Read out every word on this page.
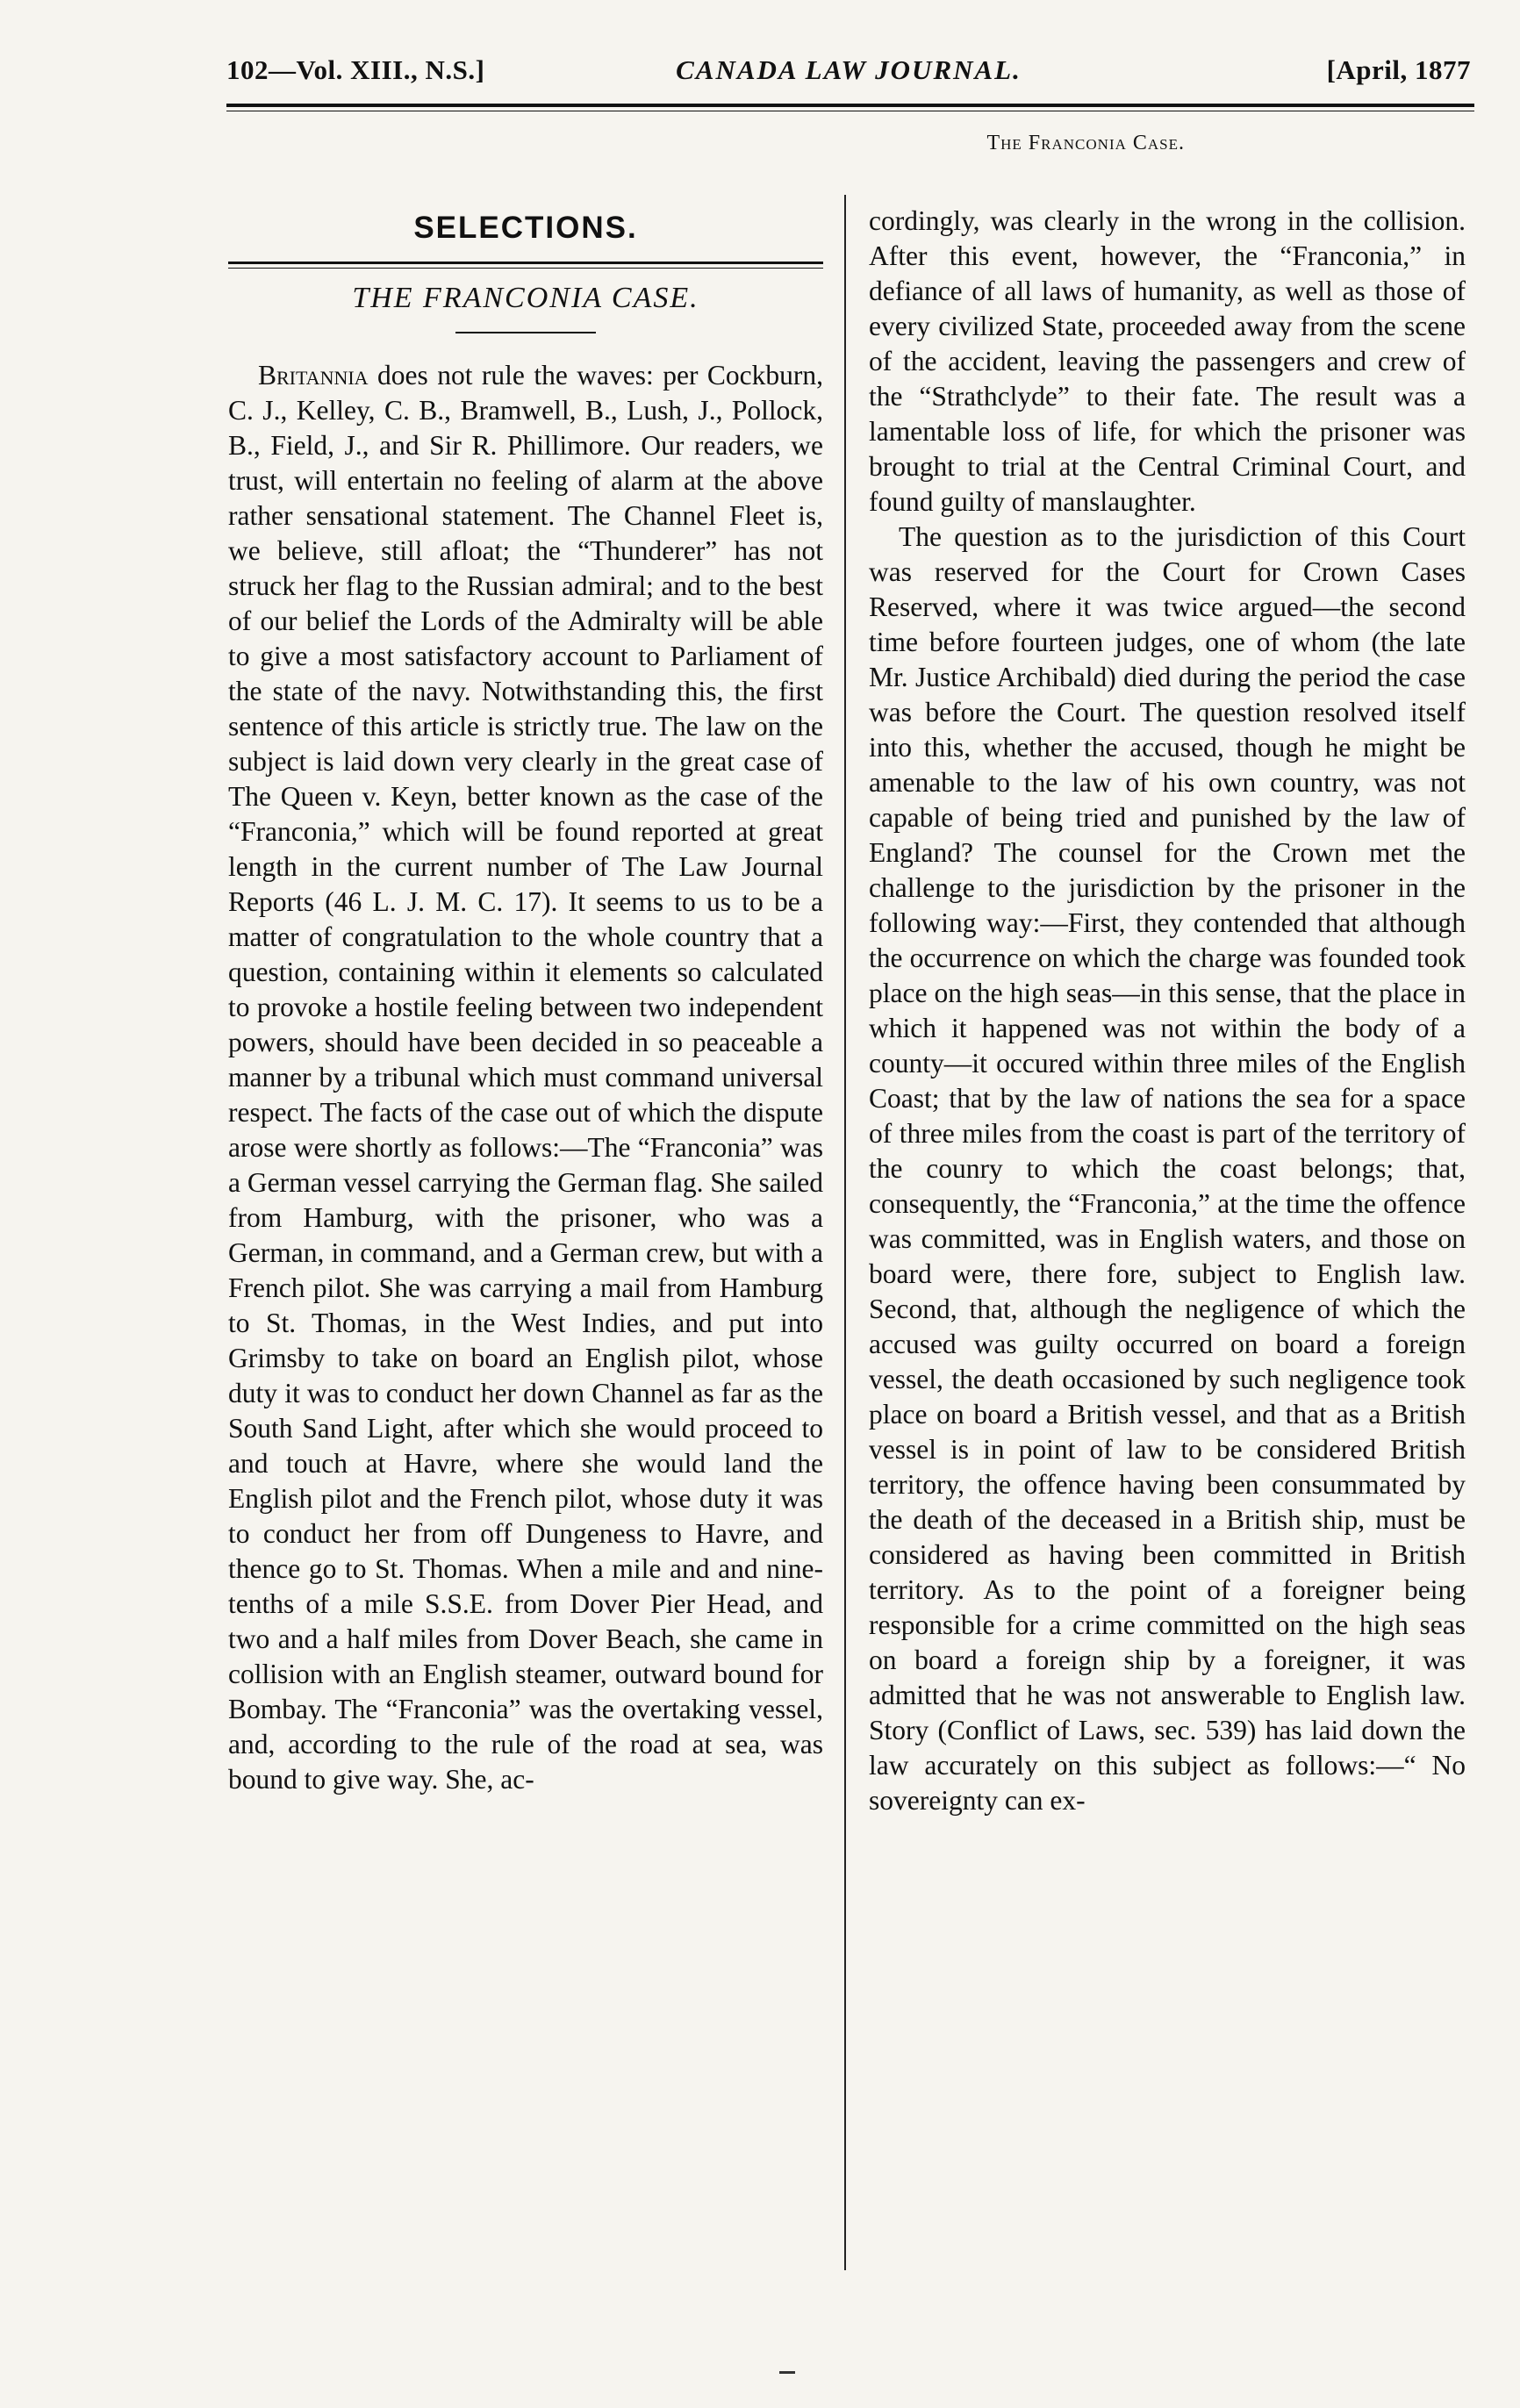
102—Vol. XIII., N.S.]	CANADA LAW JOURNAL.	[April, 1877
The Franconia Case.
SELECTIONS.
THE FRANCONIA CASE.

Britannia does not rule the waves: per Cockburn, C. J., Kelley, C. B., Bramwell, B., Lush, J., Pollock, B., Field, J., and Sir R. Phillimore. Our readers, we trust, will entertain no feeling of alarm at the above rather sensational statement. The Channel Fleet is, we believe, still afloat; the “Thunderer” has not struck her flag to the Russian admiral; and to the best of our belief the Lords of the Admiralty will be able to give a most satisfactory account to Parliament of the state of the navy. Notwithstanding this, the first sentence of this article is strictly true. The law on the subject is laid down very clearly in the great case of The Queen v. Keyn, better known as the case of the “Franconia,” which will be found reported at great length in the current number of The Law Journal Reports (46 L. J. M. C. 17). It seems to us to be a matter of congratulation to the whole country that a question, containing within it elements so calculated to provoke a hostile feeling between two independent powers, should have been decided in so peaceable a manner by a tribunal which must command universal respect. The facts of the case out of which the dispute arose were shortly as follows:—The “Franconia” was a German vessel carrying the German flag. She sailed from Hamburg, with the prisoner, who was a German, in command, and a German crew, but with a French pilot. She was carrying a mail from Hamburg to St. Thomas, in the West Indies, and put into Grimsby to take on board an English pilot, whose duty it was to conduct her down Channel as far as the South Sand Light, after which she would proceed to and touch at Havre, where she would land the English pilot and the French pilot, whose duty it was to conduct her from off Dungeness to Havre, and thence go to St. Thomas. When a mile and and nine-tenths of a mile S.S.E. from Dover Pier Head, and two and a half miles from Dover Beach, she came in collision with an English steamer, outward bound for Bombay. The “Franconia” was the overtaking vessel, and, according to the rule of the road at sea, was bound to give way. She, ac-

cordingly, was clearly in the wrong in the collision. After this event, however, the “Franconia,” in defiance of all laws of humanity, as well as those of every civilized State, proceeded away from the scene of the accident, leaving the passengers and crew of the “Strathclyde” to their fate. The result was a lamentable loss of life, for which the prisoner was brought to trial at the Central Criminal Court, and found guilty of manslaughter.

The question as to the jurisdiction of this Court was reserved for the Court for Crown Cases Reserved, where it was twice argued—the second time before fourteen judges, one of whom (the late Mr. Justice Archibald) died during the period the case was before the Court. The question resolved itself into this, whether the accused, though he might be amenable to the law of his own country, was not capable of being tried and punished by the law of England? The counsel for the Crown met the challenge to the jurisdiction by the prisoner in the following way:—First, they contended that although the occurrence on which the charge was founded took place on the high seas—in this sense, that the place in which it happened was not within the body of a county—it occured within three miles of the English Coast; that by the law of nations the sea for a space of three miles from the coast is part of the territory of the counry to which the coast belongs; that, consequently, the “Franconia,” at the time the offence was committed, was in English waters, and those on board were, there fore, subject to English law. Second, that, although the negligence of which the accused was guilty occurred on board a foreign vessel, the death occasioned by such negligence took place on board a British vessel, and that as a British vessel is in point of law to be considered British territory, the offence having been consummated by the death of the deceased in a British ship, must be considered as having been committed in British territory. As to the point of a foreigner being responsible for a crime committed on the high seas on board a foreign ship by a foreigner, it was admitted that he was not answerable to English law. Story (Conflict of Laws, sec. 539) has laid down the law accurately on this subject as follows:—“ No sovereignty can ex-
